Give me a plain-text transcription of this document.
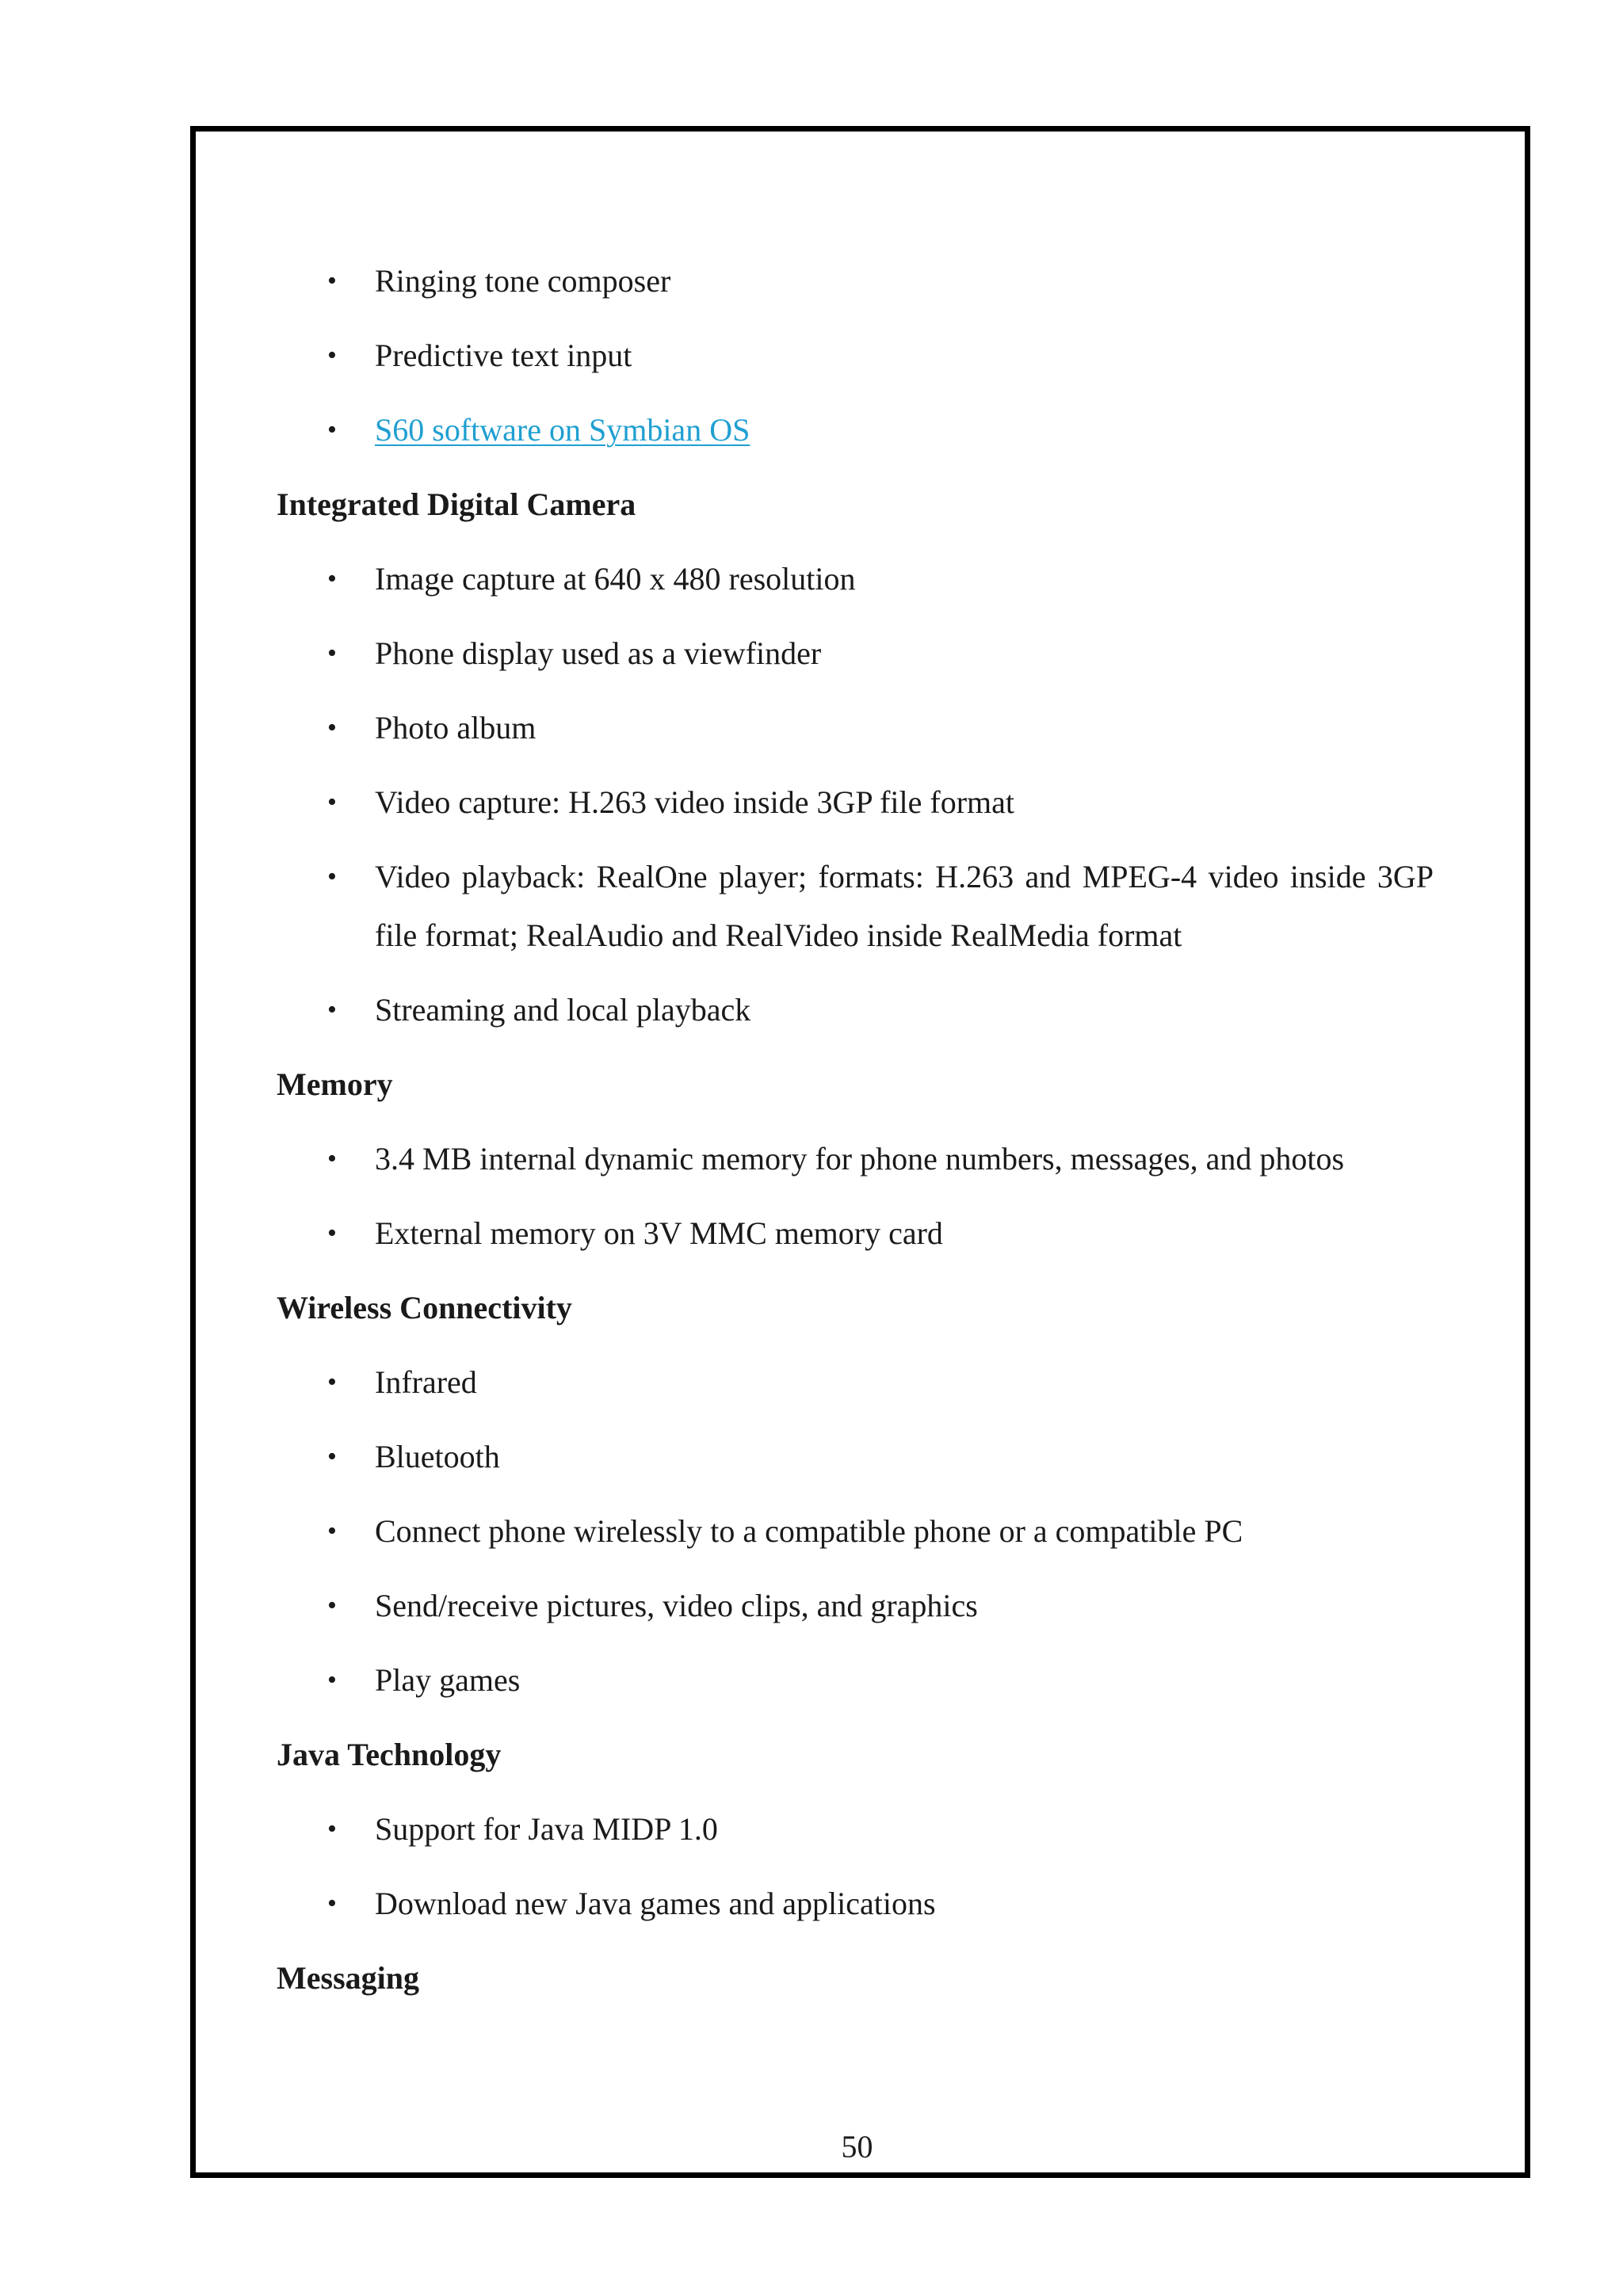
• Ringing tone composer
• Predictive text input
• S60 software on Symbian OS
Integrated Digital Camera
• Image capture at 640 x 480 resolution
• Phone display used as a viewfinder
• Photo album
• Video capture: H.263 video inside 3GP file format
• Video playback: RealOne player; formats: H.263 and MPEG-4 video inside 3GP file format; RealAudio and RealVideo inside RealMedia format
• Streaming and local playback
Memory
• 3.4 MB internal dynamic memory for phone numbers, messages, and photos
• External memory on 3V MMC memory card
Wireless Connectivity
• Infrared
• Bluetooth
• Connect phone wirelessly to a compatible phone or a compatible PC
• Send/receive pictures, video clips, and graphics
• Play games
Java Technology
• Support for Java MIDP 1.0
• Download new Java games and applications
Messaging
50
